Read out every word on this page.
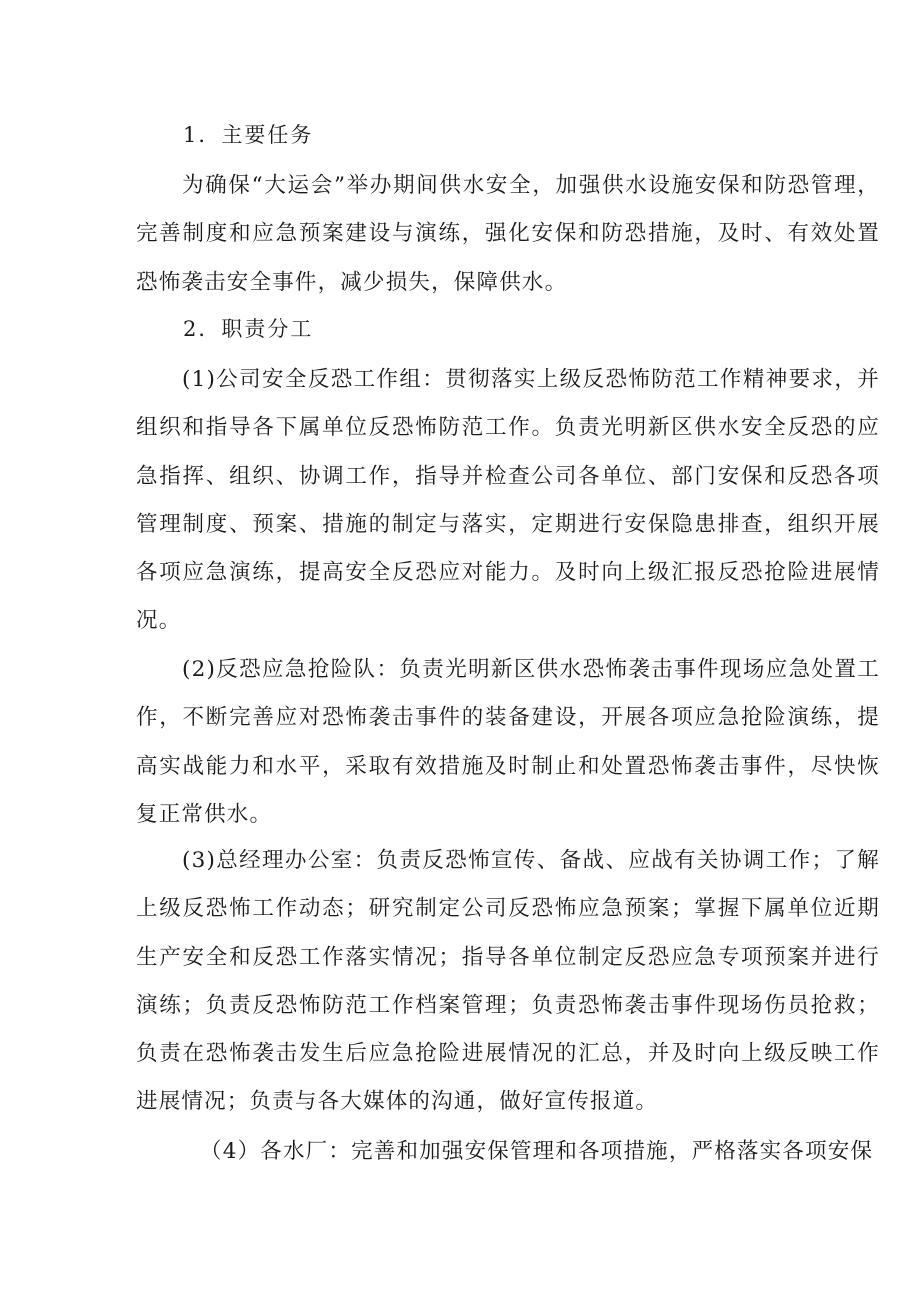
1．主要任务

为确保“大运会”举办期间供水安全，加强供水设施安保和防恐管理，完善制度和应急预案建设与演练，强化安保和防恐措施，及时、有效处置恐怖袭击安全事件，减少损失，保障供水。

2．职责分工

(1)公司安全反恐工作组：贯彻落实上级反恐怖防范工作精神要求，并组织和指导各下属单位反恐怖防范工作。负责光明新区供水安全反恐的应急指挥、组织、协调工作，指导并检查公司各单位、部门安保和反恐各项管理制度、预案、措施的制定与落实，定期进行安保隐患排查，组织开展各项应急演练，提高安全反恐应对能力。及时向上级汇报反恐抢险进展情况。

(2)反恐应急抢险队：负责光明新区供水恐怖袭击事件现场应急处置工作，不断完善应对恐怖袭击事件的装备建设，开展各项应急抢险演练，提高实战能力和水平，采取有效措施及时制止和处置恐怖袭击事件，尽快恢复正常供水。

(3)总经理办公室：负责反恐怖宣传、备战、应战有关协调工作；了解上级反恐怖工作动态；研究制定公司反恐怖应急预案；掌握下属单位近期生产安全和反恐工作落实情况；指导各单位制定反恐应急专项预案并进行演练；负责反恐怖防范工作档案管理；负责恐怖袭击事件现场伤员抢救；负责在恐怖袭击发生后应急抢险进展情况的汇总，并及时向上级反映工作进展情况；负责与各大媒体的沟通，做好宣传报道。

（4）各水厂：完善和加强安保管理和各项措施，严格落实各项安保
